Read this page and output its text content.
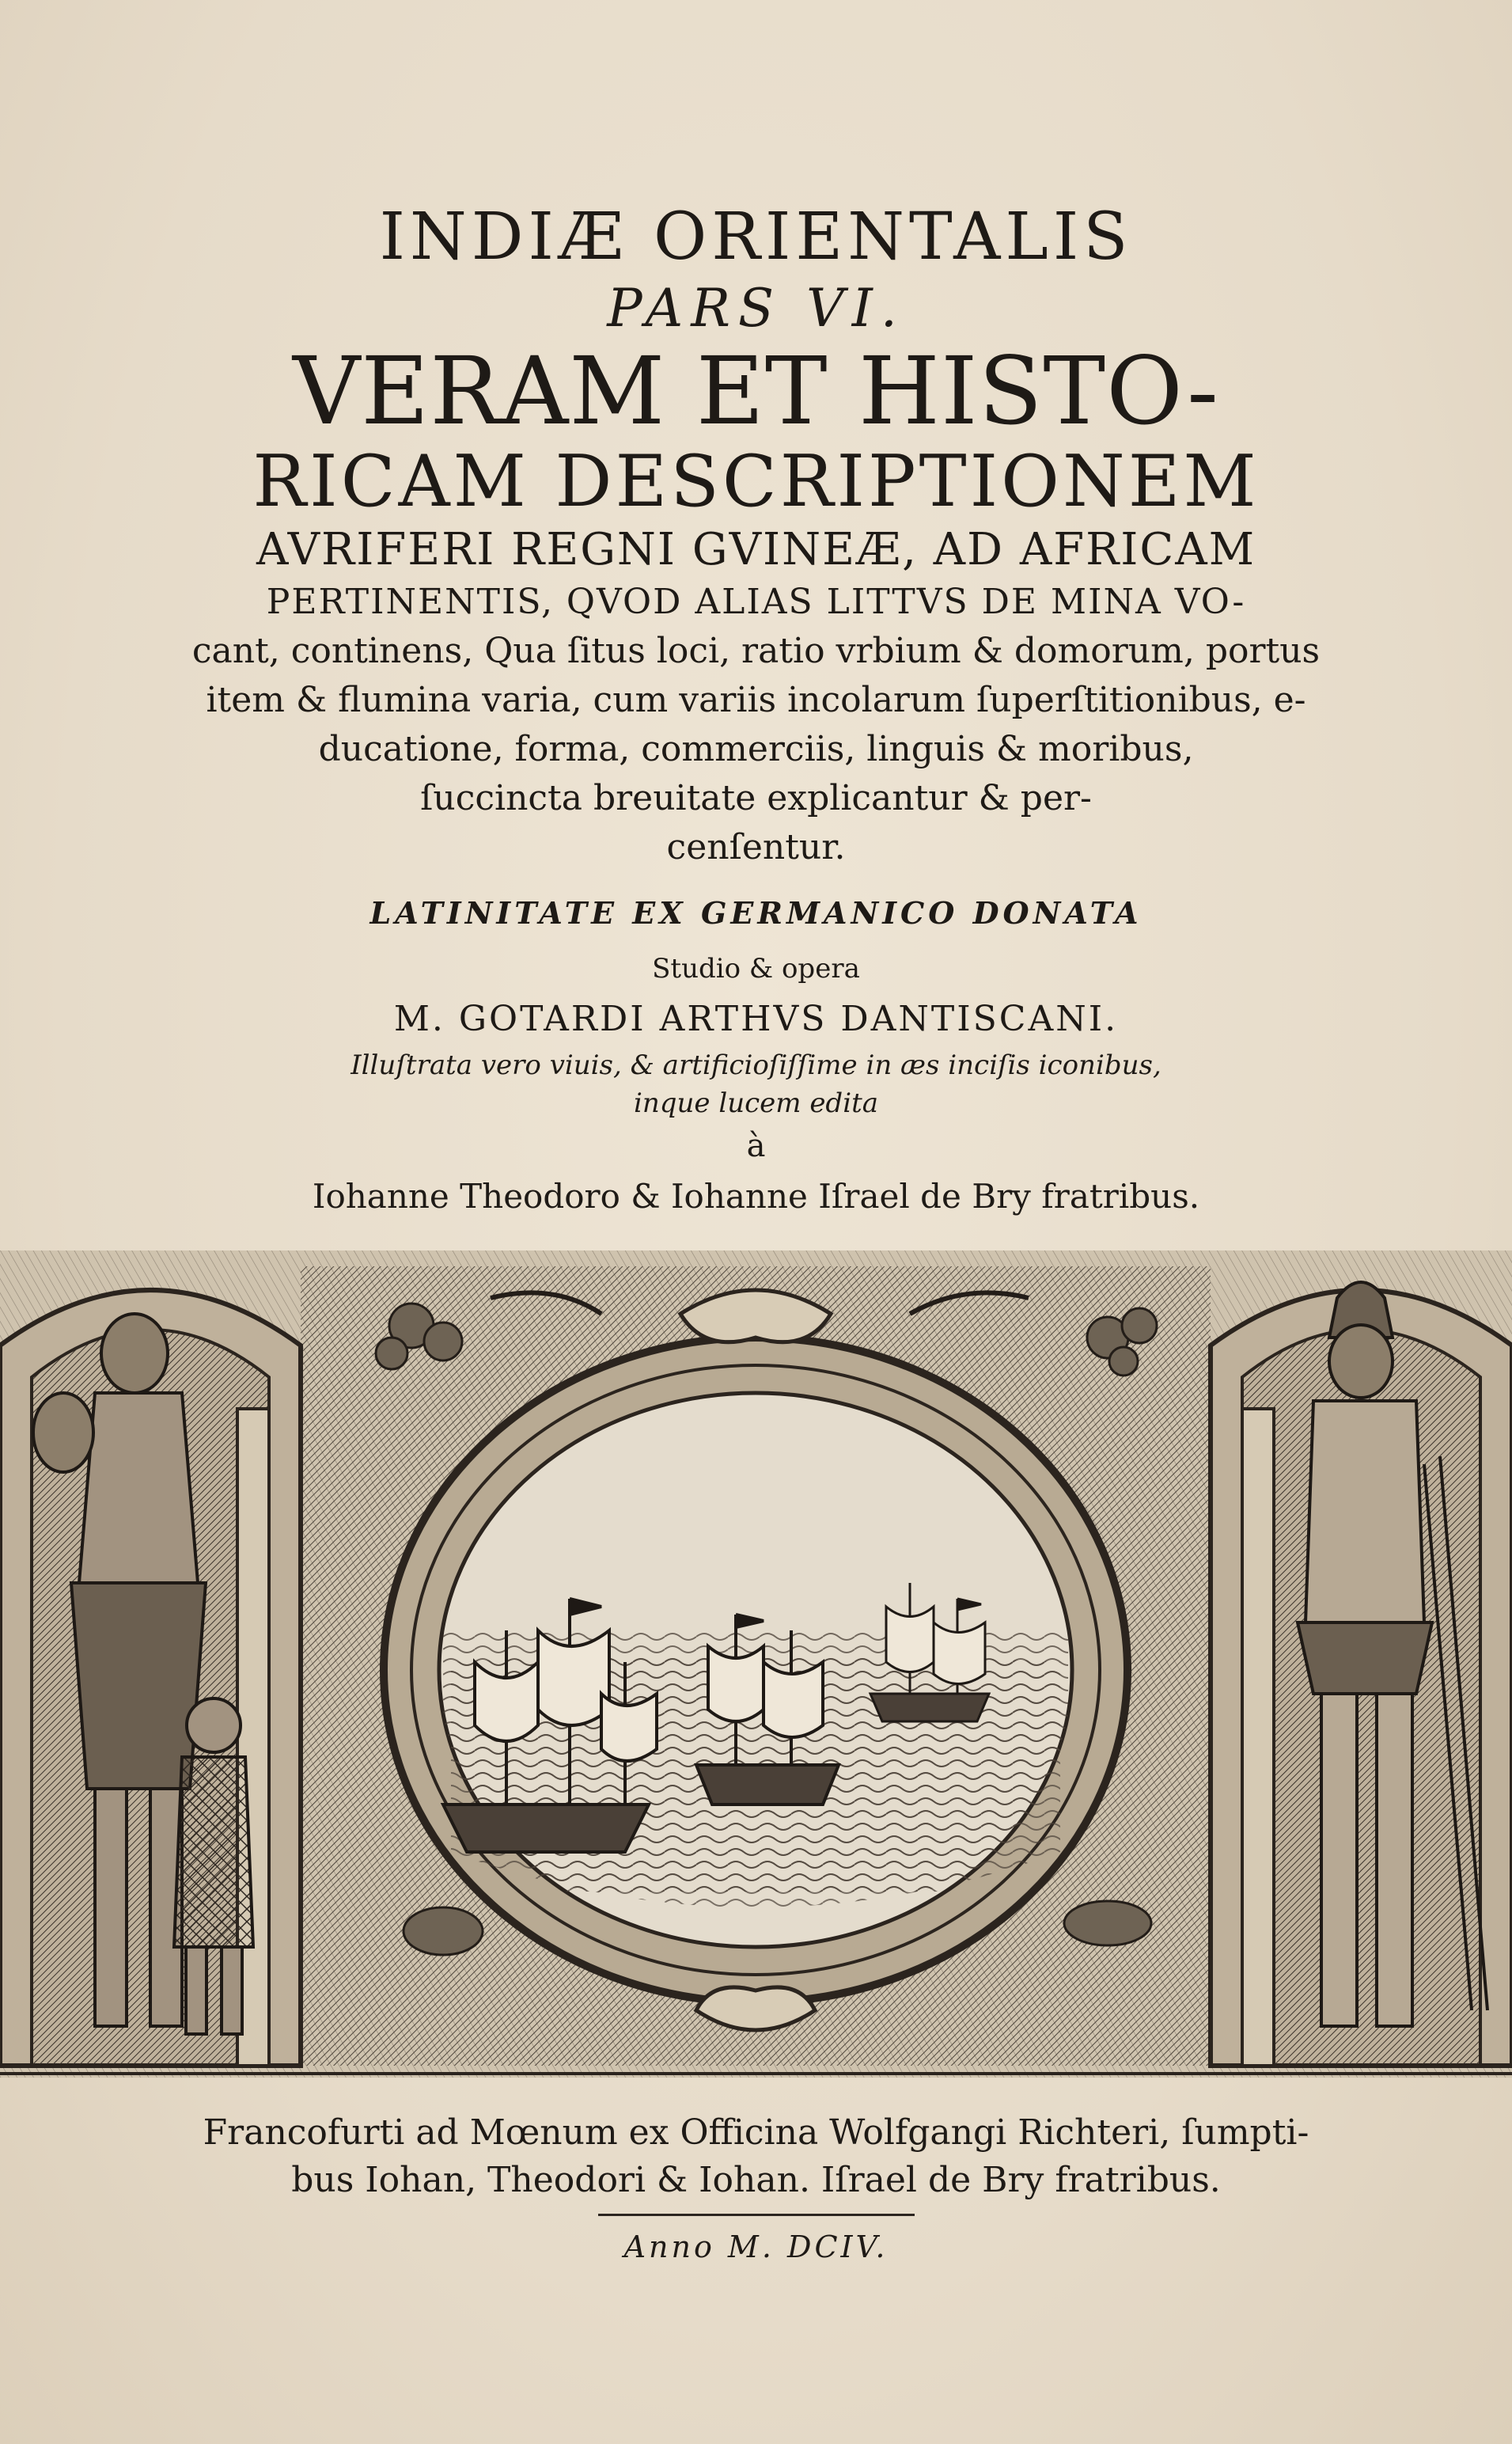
INDIÆ ORIENTALIS
PARS VI.
VERAM ET HISTO-
RICAM DESCRIPTIONEM
AVRIFERI REGNI GVINEÆ, AD AFRICAM
PERTINENTIS, QVOD ALIAS LITTVS DE MINA VO-
cant, continens, Qua ſitus loci, ratio vrbium & domorum, portus
item & flumina varia, cum variis incolarum ſuperſtitionibus, e-
ducatione, forma, commerciis, linguis & moribus,
ſuccincta breuitate explicantur & per-
cenſentur.
LATINITATE EX GERMANICO DONATA
Studio & opera
M. GOTARDI ARTHVS DANTISCANI.
Illuſtrata vero viuis, & artificioſiſſime in æs inciſis iconibus,
inque lucem edita
à
Iohanne Theodoro & Iohanne Iſrael de Bry fratribus.
Francofurti ad Mœnum ex Officina Wolfgangi Richteri, ſumpti-
bus Iohan, Theodori & Iohan. Iſrael de Bry fratribus.
Anno M. DCIV.
